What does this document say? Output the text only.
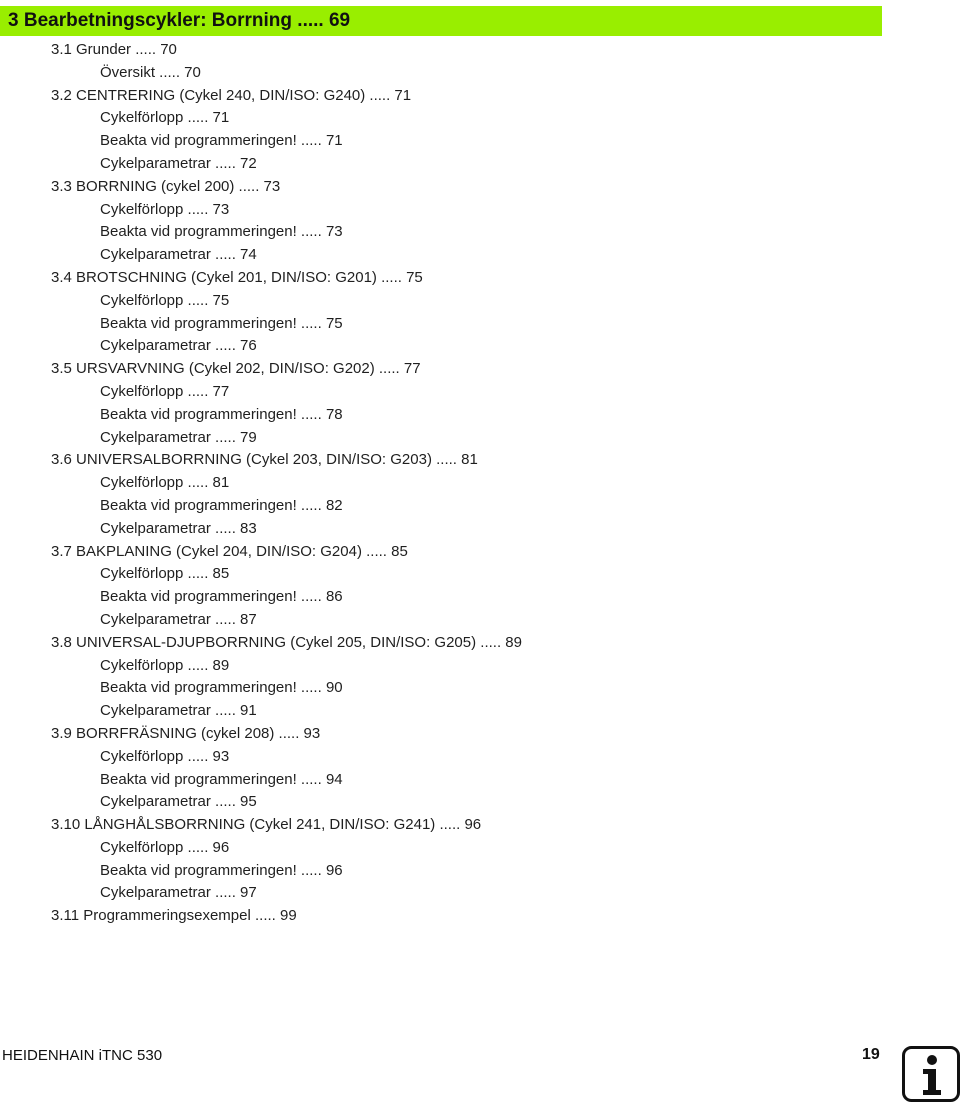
3 Bearbetningscykler: Borrning ..... 69
3.1 Grunder ..... 70
Översikt ..... 70
3.2 CENTRERING (Cykel 240, DIN/ISO: G240) ..... 71
Cykelförlopp ..... 71
Beakta vid programmeringen! ..... 71
Cykelparametrar ..... 72
3.3 BORRNING (cykel 200) ..... 73
Cykelförlopp ..... 73
Beakta vid programmeringen! ..... 73
Cykelparametrar ..... 74
3.4 BROTSCHNING (Cykel 201, DIN/ISO: G201) ..... 75
Cykelförlopp ..... 75
Beakta vid programmeringen! ..... 75
Cykelparametrar ..... 76
3.5 URSVARVNING (Cykel 202, DIN/ISO: G202) ..... 77
Cykelförlopp ..... 77
Beakta vid programmeringen! ..... 78
Cykelparametrar ..... 79
3.6 UNIVERSALBORRNING (Cykel 203, DIN/ISO: G203) ..... 81
Cykelförlopp ..... 81
Beakta vid programmeringen! ..... 82
Cykelparametrar ..... 83
3.7 BAKPLANING (Cykel 204, DIN/ISO: G204) ..... 85
Cykelförlopp ..... 85
Beakta vid programmeringen! ..... 86
Cykelparametrar ..... 87
3.8 UNIVERSAL-DJUPBORRNING (Cykel 205, DIN/ISO: G205) ..... 89
Cykelförlopp ..... 89
Beakta vid programmeringen! ..... 90
Cykelparametrar ..... 91
3.9 BORRFRÄSNING (cykel 208) ..... 93
Cykelförlopp ..... 93
Beakta vid programmeringen! ..... 94
Cykelparametrar ..... 95
3.10 LÅNGHÅLSBORRNING (Cykel 241, DIN/ISO: G241) ..... 96
Cykelförlopp ..... 96
Beakta vid programmeringen! ..... 96
Cykelparametrar ..... 97
3.11 Programmeringsexempel ..... 99
HEIDENHAIN iTNC 530	19
